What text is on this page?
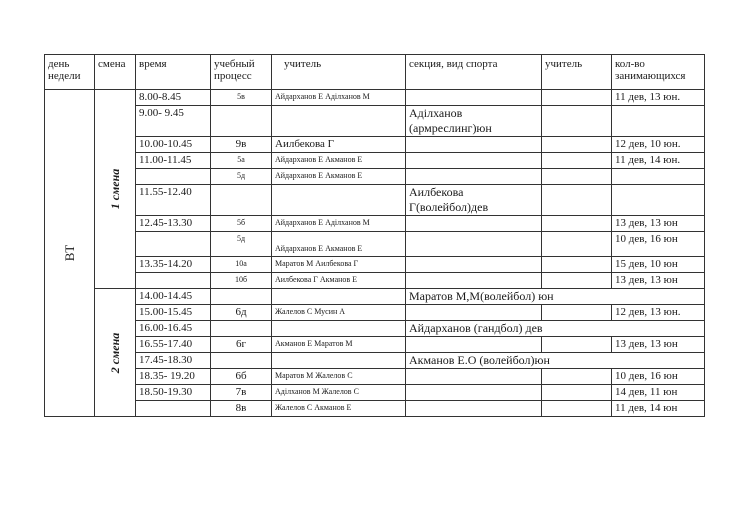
день недели	смена	время	учебный процесс	учитель	секция, вид спорта	учитель	кол-во занимающихся	

ВТ	1 смена	8.00-8.45	5в	Айдарханов Е Аділханов М			11 дев, 13 юн.	
		9.00- 9.45			Аділханов (армреслинг)юн			
		10.00-10.45	9в	Аилбекова Г			12 дев, 10 юн.	
		11.00-11.45	5а	Айдарханов Е Акманов Е			11 дев, 14 юн.	
			5д	Айдарханов Е Акманов Е				
		11.55-12.40			Аилбекова Г(волейбол)дев			
		12.45-13.30	5б	Айдарханов Е Аділханов М			13 дев, 13 юн	
			5д	Айдарханов Е Акманов Е			10 дев, 16 юн	
		13.35-14.20	10а	Маратов М Аилбекова Г			15 дев, 10 юн	
			10б	Аилбекова Г Акманов Е			13 дев, 13 юн	

	2 смена	14.00-14.45			Маратов М,М(волейбол) юн			
		15.00-15.45	6д	Жалелов С Мусин А			12 дев, 13 юн.	
		16.00-16.45			Айдарханов (гандбол) дев			
		16.55-17.40	6г	Акманов Е Маратов М			13 дев, 13 юн	
		17.45-18.30			Акманов Е.О (волейбол)юн			
		18.35- 19.20	6б	Маратов М Жалелов С			10 дев, 16 юн	
		18.50-19.30	7в	Аділханов М Жалелов С			14 дев, 11 юн	
			8в	Жалелов С Акманов Е			11 дев, 14 юн	
